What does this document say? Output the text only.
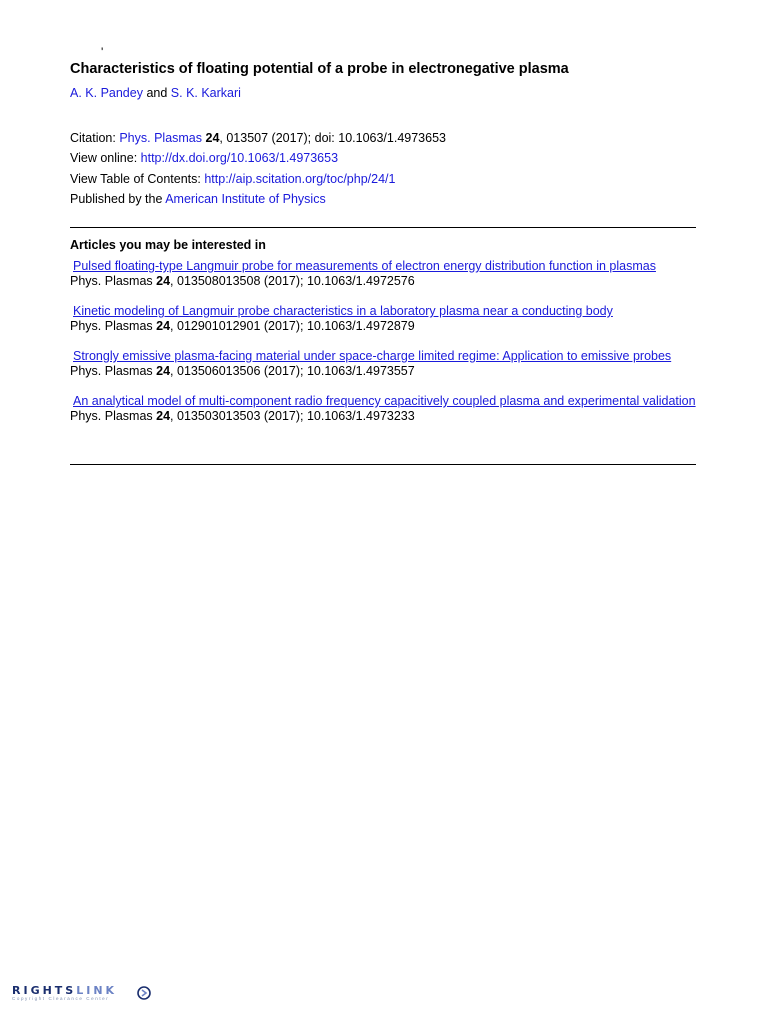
'
Characteristics of floating potential of a probe in electronegative plasma
A. K. Pandey and S. K. Karkari
Citation: Phys. Plasmas 24, 013507 (2017); doi: 10.1063/1.4973653
View online: http://dx.doi.org/10.1063/1.4973653
View Table of Contents: http://aip.scitation.org/toc/php/24/1
Published by the American Institute of Physics
Articles you may be interested in
Pulsed floating-type Langmuir probe for measurements of electron energy distribution function in plasmas
Phys. Plasmas 24, 013508013508 (2017); 10.1063/1.4972576
Kinetic modeling of Langmuir probe characteristics in a laboratory plasma near a conducting body
Phys. Plasmas 24, 012901012901 (2017); 10.1063/1.4972879
Strongly emissive plasma-facing material under space-charge limited regime: Application to emissive probes
Phys. Plasmas 24, 013506013506 (2017); 10.1063/1.4973557
An analytical model of multi-component radio frequency capacitively coupled plasma and experimental validation
Phys. Plasmas 24, 013503013503 (2017); 10.1063/1.4973233
RIGHTSLINK
Copyright Clearance Center
